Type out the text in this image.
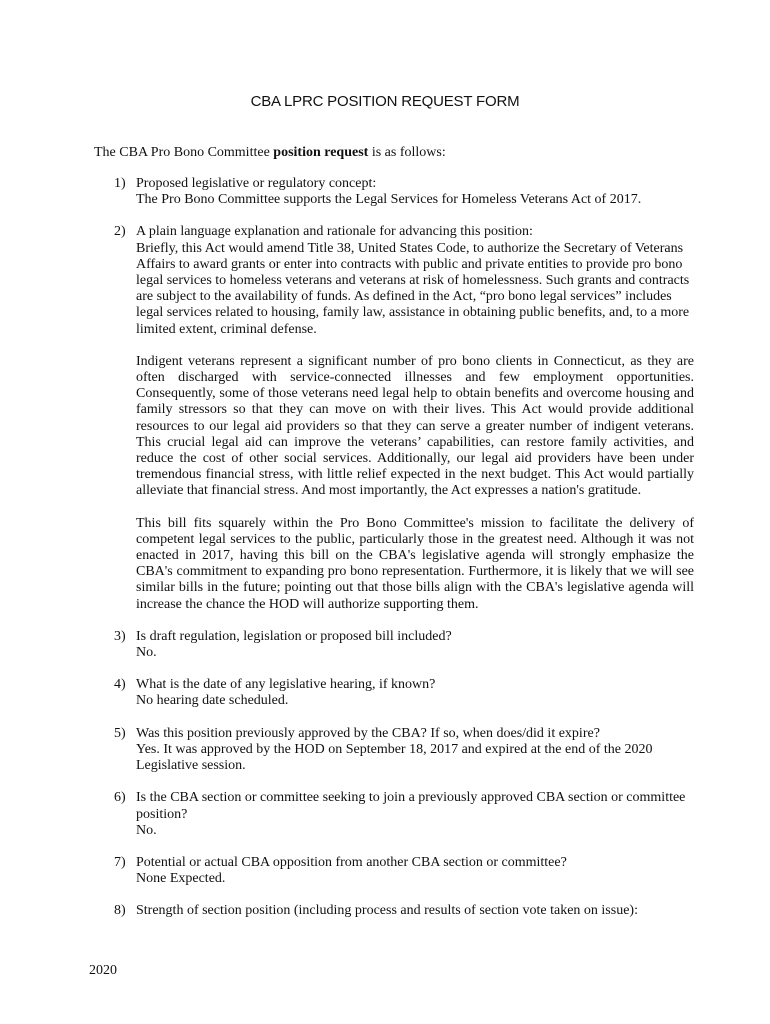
CBA LPRC POSITION REQUEST FORM

The CBA Pro Bono Committee position request is as follows:

1) Proposed legislative or regulatory concept:

The Pro Bono Committee supports the Legal Services for Homeless Veterans Act of 2017.

2) A plain language explanation and rationale for advancing this position:

Briefly, this Act would amend Title 38, United States Code, to authorize the Secretary of Veterans Affairs to award grants or enter into contracts with public and private entities to provide pro bono legal services to homeless veterans and veterans at risk of homelessness. Such grants and contracts are subject to the availability of funds. As defined in the Act, “pro bono legal services” includes legal services related to housing, family law, assistance in obtaining public benefits, and, to a more limited extent, criminal defense.

Indigent veterans represent a significant number of pro bono clients in Connecticut, as they are often discharged with service-connected illnesses and few employment opportunities. Consequently, some of those veterans need legal help to obtain benefits and overcome housing and family stressors so that they can move on with their lives. This Act would provide additional resources to our legal aid providers so that they can serve a greater number of indigent veterans. This crucial legal aid can improve the veterans’ capabilities, can restore family activities, and reduce the cost of other social services. Additionally, our legal aid providers have been under tremendous financial stress, with little relief expected in the next budget. This Act would partially alleviate that financial stress. And most importantly, the Act expresses a nation's gratitude.

This bill fits squarely within the Pro Bono Committee's mission to facilitate the delivery of competent legal services to the public, particularly those in the greatest need. Although it was not enacted in 2017, having this bill on the CBA's legislative agenda will strongly emphasize the CBA's commitment to expanding pro bono representation. Furthermore, it is likely that we will see similar bills in the future; pointing out that those bills align with the CBA's legislative agenda will increase the chance the HOD will authorize supporting them.

3) Is draft regulation, legislation or proposed bill included?

No.

4) What is the date of any legislative hearing, if known?

No hearing date scheduled.

5) Was this position previously approved by the CBA? If so, when does/did it expire?

Yes. It was approved by the HOD on September 18, 2017 and expired at the end of the 2020 Legislative session.

6) Is the CBA section or committee seeking to join a previously approved CBA section or committee position?

No.

7) Potential or actual CBA opposition from another CBA section or committee?

None Expected.

8) Strength of section position (including process and results of section vote taken on issue):

2020
